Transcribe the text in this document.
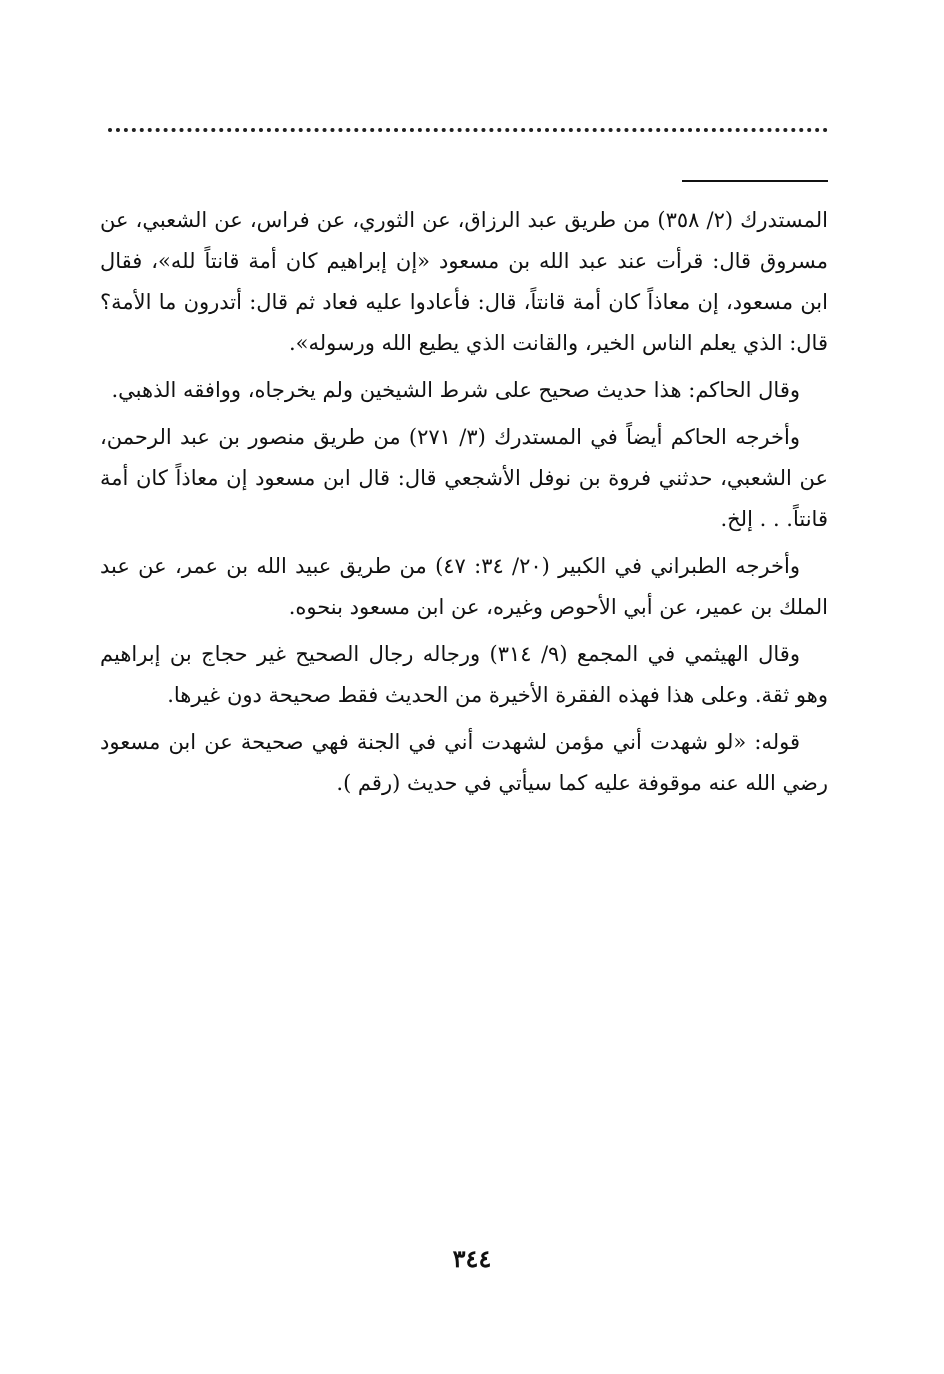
المستدرك (٢/ ٣٥٨) من طريق عبد الرزاق، عن الثوري، عن فراس، عن الشعبي، عن مسروق قال: قرأت عند عبد الله بن مسعود «إن إبراهيم كان أمة قانتاً لله»، فقال ابن مسعود، إن معاذاً كان أمة قانتاً، قال: فأعادوا عليه فعاد ثم قال: أتدرون ما الأمة؟ قال: الذي يعلم الناس الخير، والقانت الذي يطيع الله ورسوله».

وقال الحاكم: هذا حديث صحيح على شرط الشيخين ولم يخرجاه، ووافقه الذهبي.

وأخرجه الحاكم أيضاً في المستدرك (٣/ ٢٧١) من طريق منصور بن عبد الرحمن، عن الشعبي، حدثني فروة بن نوفل الأشجعي قال: قال ابن مسعود إن معاذاً كان أمة قانتاً. . . إلخ.

وأخرجه الطبراني في الكبير (٢٠/ ٣٤: ٤٧) من طريق عبيد الله بن عمر، عن عبد الملك بن عمير، عن أبي الأحوص وغيره، عن ابن مسعود بنحوه.

وقال الهيثمي في المجمع (٩/ ٣١٤) ورجاله رجال الصحيح غير حجاج بن إبراهيم وهو ثقة. وعلى هذا فهذه الفقرة الأخيرة من الحديث فقط صحيحة دون غيرها.

قوله: «لو شهدت أني مؤمن لشهدت أني في الجنة فهي صحيحة عن ابن مسعود رضي الله عنه موقوفة عليه كما سيأتي في حديث (رقم ).

٣٤٤
